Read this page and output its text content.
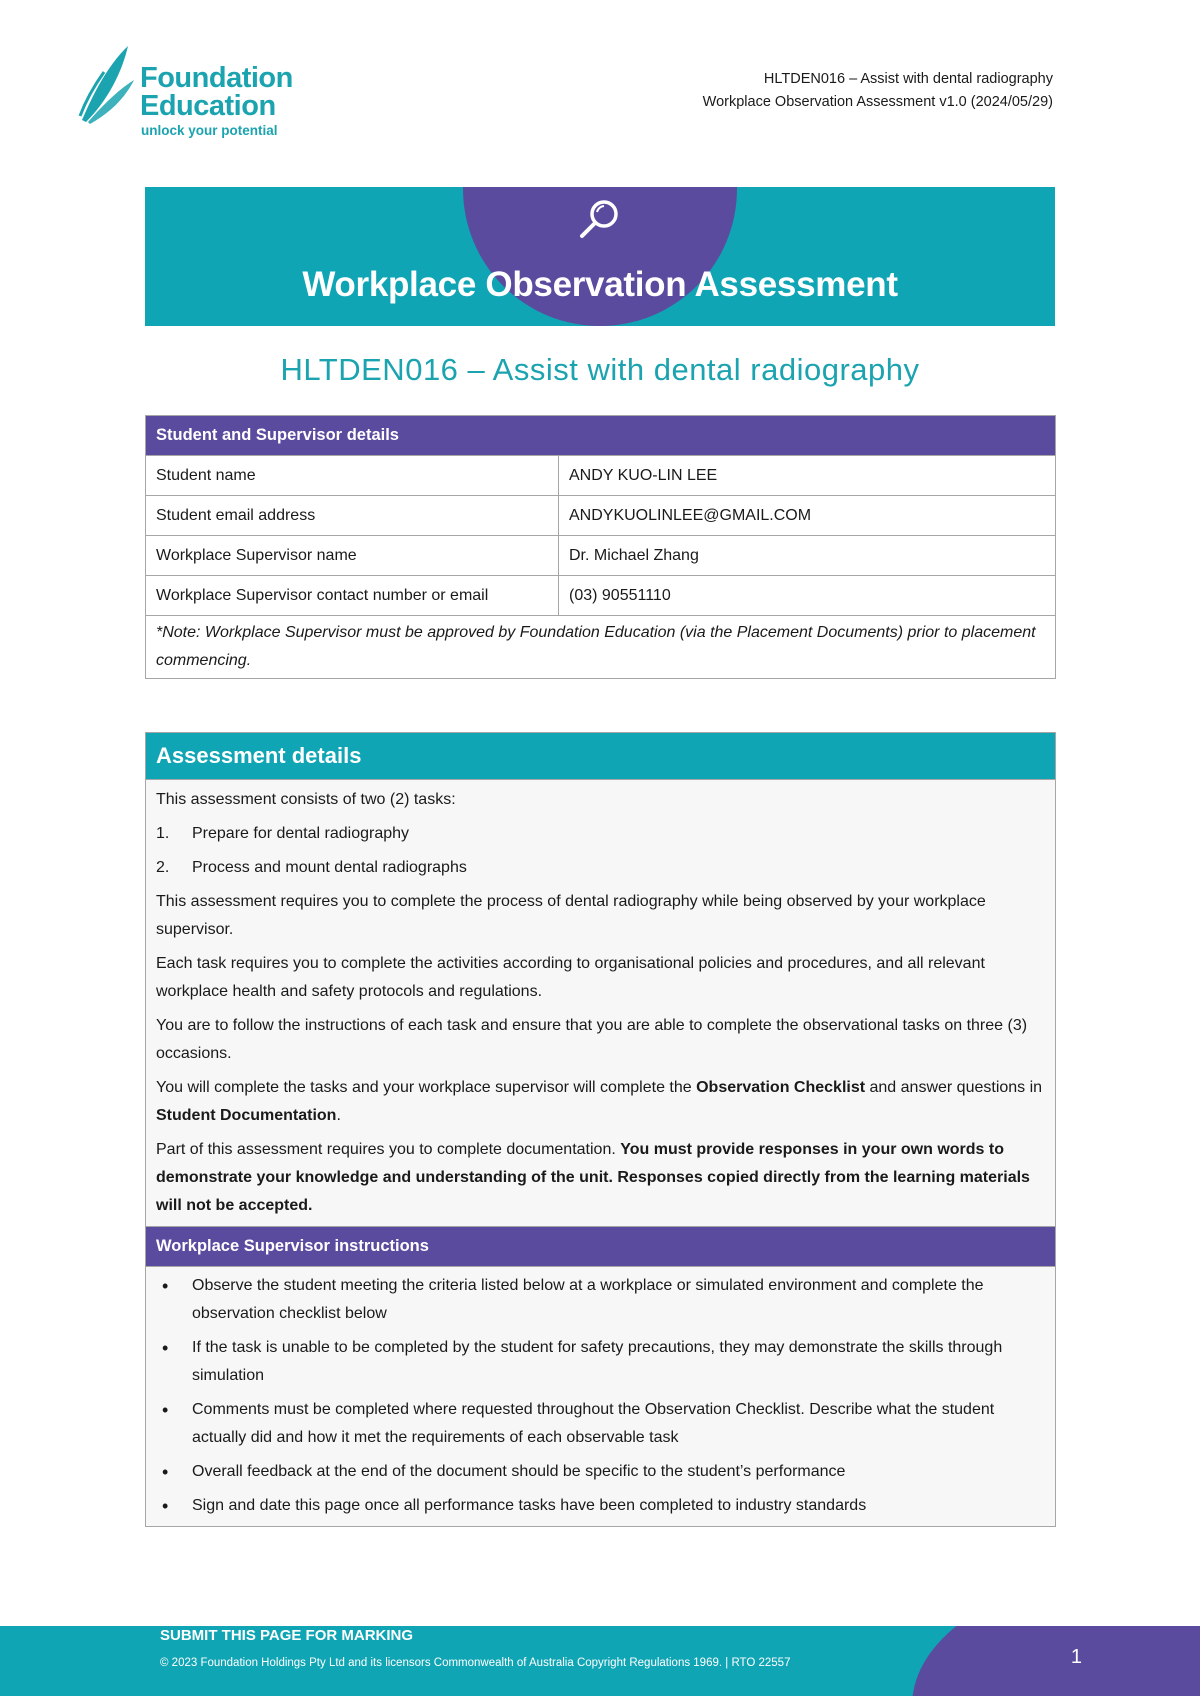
Foundation
Education
unlock your potential
HLTDEN016 – Assist with dental radiography
Workplace Observation Assessment v1.0 (2024/05/29)
Workplace Observation Assessment
HLTDEN016 – Assist with dental radiography
Student and Supervisor details	
Student name	ANDY KUO-LIN LEE
Student email address	ANDYKUOLINLEE@GMAIL.COM
Workplace Supervisor name	Dr. Michael Zhang
Workplace Supervisor contact number or email	(03) 90551110
*Note: Workplace Supervisor must be approved by Foundation Education (via the Placement Documents) prior to placement commencing.	
Assessment details

This assessment consists of two (2) tasks:

1. Prepare for dental radiography
2. Process and mount dental radiographs

This assessment requires you to complete the process of dental radiography while being observed by your workplace supervisor.

Each task requires you to complete the activities according to organisational policies and procedures, and all relevant workplace health and safety protocols and regulations.

You are to follow the instructions of each task and ensure that you are able to complete the observational tasks on three (3) occasions.

You will complete the tasks and your workplace supervisor will complete the Observation Checklist and answer questions in Student Documentation.

Part of this assessment requires you to complete documentation. You must provide responses in your own words to demonstrate your knowledge and understanding of the unit. Responses copied directly from the learning materials will not be accepted.

Workplace Supervisor instructions

• Observe the student meeting the criteria listed below at a workplace or simulated environment and complete the observation checklist below
• If the task is unable to be completed by the student for safety precautions, they may demonstrate the skills through simulation
• Comments must be completed where requested throughout the Observation Checklist. Describe what the student actually did and how it met the requirements of each observable task
• Overall feedback at the end of the document should be specific to the student’s performance
• Sign and date this page once all performance tasks have been completed to industry standards
SUBMIT THIS PAGE FOR MARKING
© 2023 Foundation Holdings Pty Ltd and its licensors Commonwealth of Australia Copyright Regulations 1969. | RTO 22557	1
